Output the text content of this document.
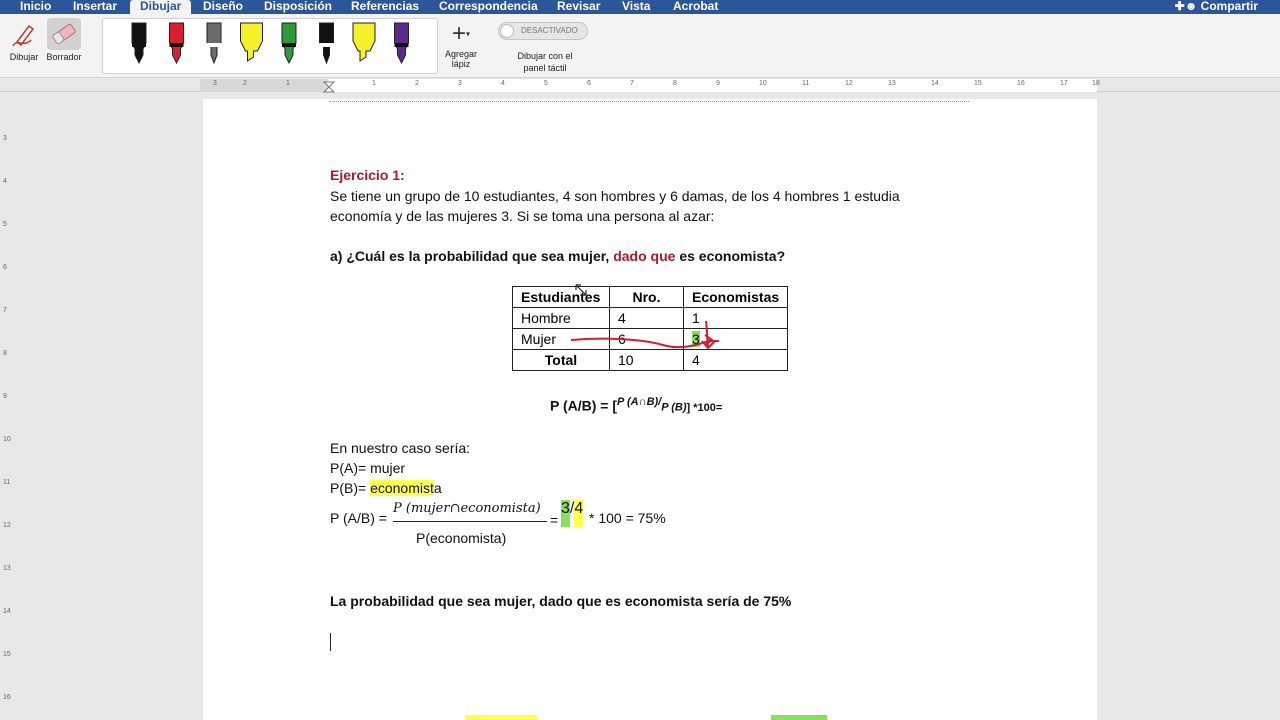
Inicio Insertar	Dibujar	Diseño Disposición Referencias Correspondencia Revisar Vista Acrobat	✚☻ Compartir
Dibujar Borrador
+▾
Agregar lápiz
DESACTIVADO
Dibujar con el panel táctil
3	2	1	1	2	3	4	5	6	7	8	9	10	11	12	13	14	15	16	17	18
3
4
5
6
7
8
9
10
11
12
13
14
15
16
Ejercicio 1:
Se tiene un grupo de 10 estudiantes, 4 son hombres y 6 damas, de los 4 hombres 1 estudia
economía y de las mujeres 3. Si se toma una persona al azar:
a) ¿Cuál es la probabilidad que sea mujer, dado que es economista?
Estudiantes	Nro.	Economistas
Hombre	4	1
Mujer	6	3
Total	10	4
P (A/B) = [$^{P (A\cap B)/}$P (B)] *100=
En nuestro caso sería:
P(A)= mujer
P(B)= economista
P (A/B) =
P (mujer∩economista)
=
3/4
* 100 = 75%
P(economista)
La probabilidad que sea mujer, dado que es economista sería de 75%
